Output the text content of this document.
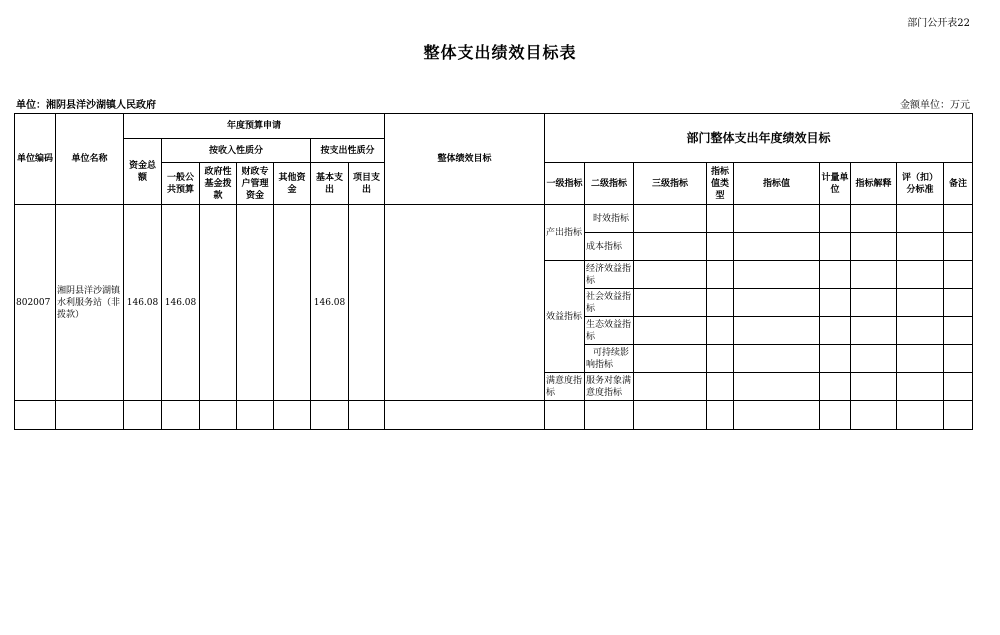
部门公开表22
整体支出绩效目标表
单位：湘阴县洋沙湖镇人民政府	金额单位：万元
单位编码	单位名称	年度预算申请							整体绩效目标	部门整体支出年度绩效目标								
		资金总额	按收入性质分				按支出性质分											
			一般公共预算	政府性基金拨款	财政专户管理资金	其他资金	基本支出	项目支出		一级指标	二级指标	三级指标	指标值类型	指标值	计量单位	指标解释	评（扣）分标准	备注
802007	湘阴县洋沙湖镇水利服务站（非拨款）	146.08	146.08				146.08			产出指标	时效指标							
											成本指标							
										效益指标	经济效益指标							
											社会效益指标							
											生态效益指标							
											可持续影响指标							
										满意度指标	服务对象满意度指标							
